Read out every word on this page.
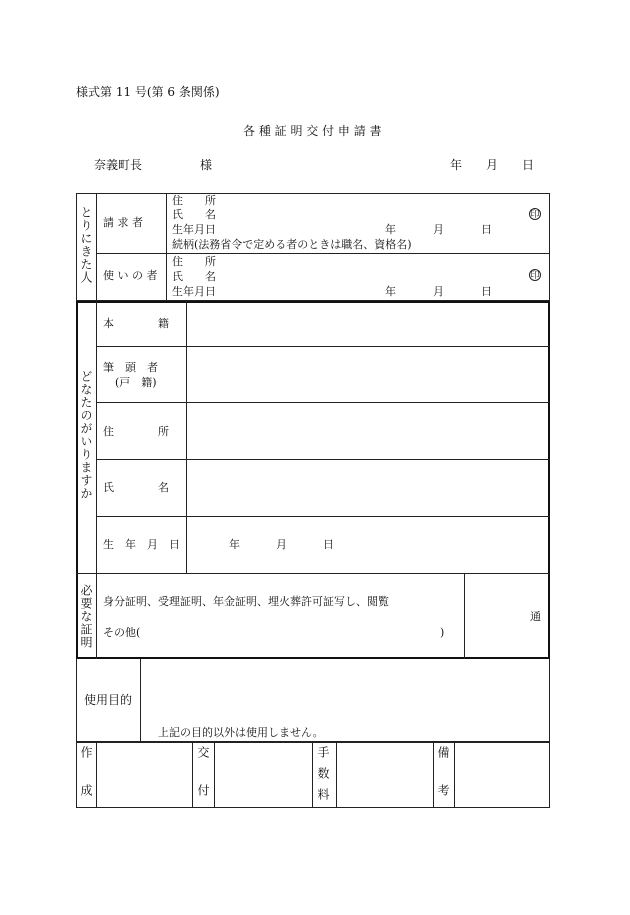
様式第 11 号(第 6 条関係)
各 種 証 明 交 付 申 請 書
奈義町長	様	年 月 日
とりにきた人 請 求 者
住　　所
氏　　名	印
生年月日	年	月	日
続柄(法務省令で定める者のときは職名、資格名)
使 い の 者
住　　所
氏　　名	印
生年月日	年	月	日
どなたのがいりますか
本　　　　籍
筆　頭　者
(戸　籍)
住　　　　所
氏　　　　名
生　年　月　日	年	月	日
必要な証明 身分証明、受理証明、年金証明、埋火葬許可証写し、閲覧
その他(	)
通
使用目的
上記の目的以外は使用しません。
作成	交付	手数料	備考
